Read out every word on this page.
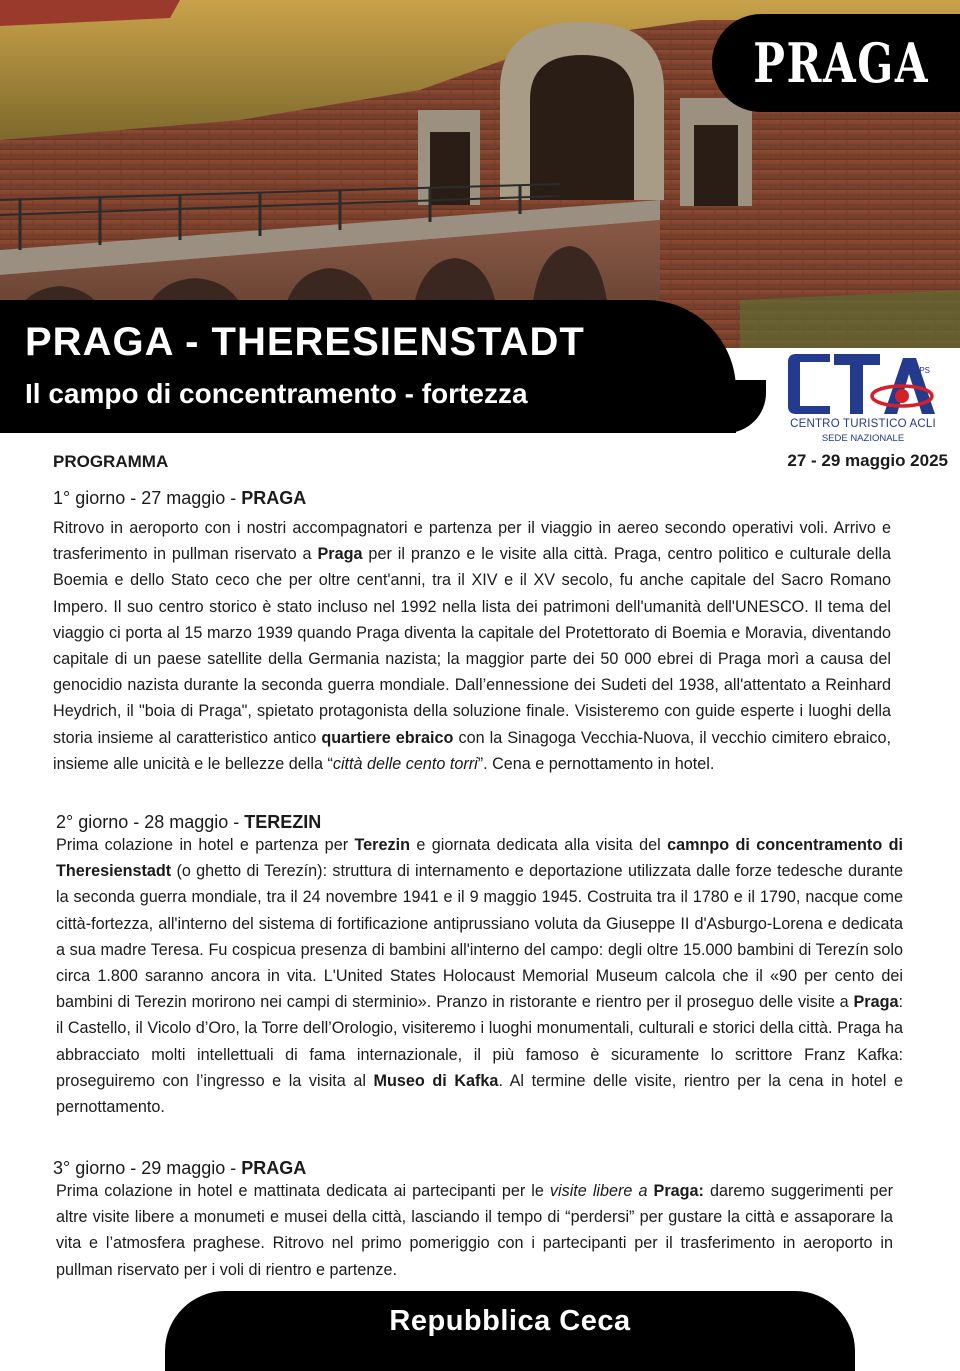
PRAGA
PRAGA - THERESIENSTADT
Il campo di concentramento - fortezza
APS
CENTRO TURISTICO ACLI
SEDE NAZIONALE

PROGRAMMA	27 - 29 maggio 2025

1° giorno - 27 maggio - PRAGA

Ritrovo in aeroporto con i nostri accompagnatori e partenza per il viaggio in aereo secondo operativi voli. Arrivo e trasferimento in pullman riservato a Praga per il pranzo e le visite alla città. Praga, centro politico e culturale della Boemia e dello Stato ceco che per oltre cent'anni, tra il XIV e il XV secolo, fu anche capitale del Sacro Romano Impero. Il suo centro storico è stato incluso nel 1992 nella lista dei patrimoni dell'umanità dell'UNESCO. Il tema del viaggio ci porta al 15 marzo 1939 quando Praga diventa la capitale del Protettorato di Boemia e Moravia, diventando capitale di un paese satellite della Germania nazista; la maggior parte dei 50 000 ebrei di Praga morì a causa del genocidio nazista durante la seconda guerra mondiale. Dall’ennessione dei Sudeti del 1938, all'attentato a Reinhard Heydrich, il "boia di Praga", spietato protagonista della soluzione finale. Visisteremo con guide esperte i luoghi della storia insieme al caratteristico antico quartiere ebraico con la Sinagoga Vecchia-Nuova, il vecchio cimitero ebraico, insieme alle unicità e le bellezze della “città delle cento torri”. Cena e pernottamento in hotel.

2° giorno - 28 maggio - TEREZIN

Prima colazione in hotel e partenza per Terezin e giornata dedicata alla visita del camnpo di concentramento di Theresienstadt (o ghetto di Terezín): struttura di internamento e deportazione utilizzata dalle forze tedesche durante la seconda guerra mondiale, tra il 24 novembre 1941 e il 9 maggio 1945. Costruita tra il 1780 e il 1790, nacque come città-fortezza, all'interno del sistema di fortificazione antiprussiano voluta da Giuseppe II d'Asburgo-Lorena e dedicata a sua madre Teresa. Fu cospicua presenza di bambini all'interno del campo: degli oltre 15.000 bambini di Terezín solo circa 1.800 saranno ancora in vita. L'United States Holocaust Memorial Museum calcola che il «90 per cento dei bambini di Terezin morirono nei campi di sterminio». Pranzo in ristorante e rientro per il proseguo delle visite a Praga: il Castello, il Vicolo d’Oro, la Torre dell’Orologio, visiteremo i luoghi monumentali, culturali e storici della città. Praga ha abbracciato molti intellettuali di fama internazionale, il più famoso è sicuramente lo scrittore Franz Kafka: proseguiremo con l’ingresso e la visita al Museo di Kafka. Al termine delle visite, rientro per la cena in hotel e pernottamento.

3° giorno - 29 maggio - PRAGA

Prima colazione in hotel e mattinata dedicata ai partecipanti per le visite libere a Praga: daremo suggerimenti per altre visite libere a monumeti e musei della città, lasciando il tempo di “perdersi” per gustare la città e assaporare la vita e l’atmosfera praghese. Ritrovo nel primo pomeriggio con i partecipanti per il trasferimento in aeroporto in pullman riservato per i voli di rientro e partenze.

Repubblica Ceca
